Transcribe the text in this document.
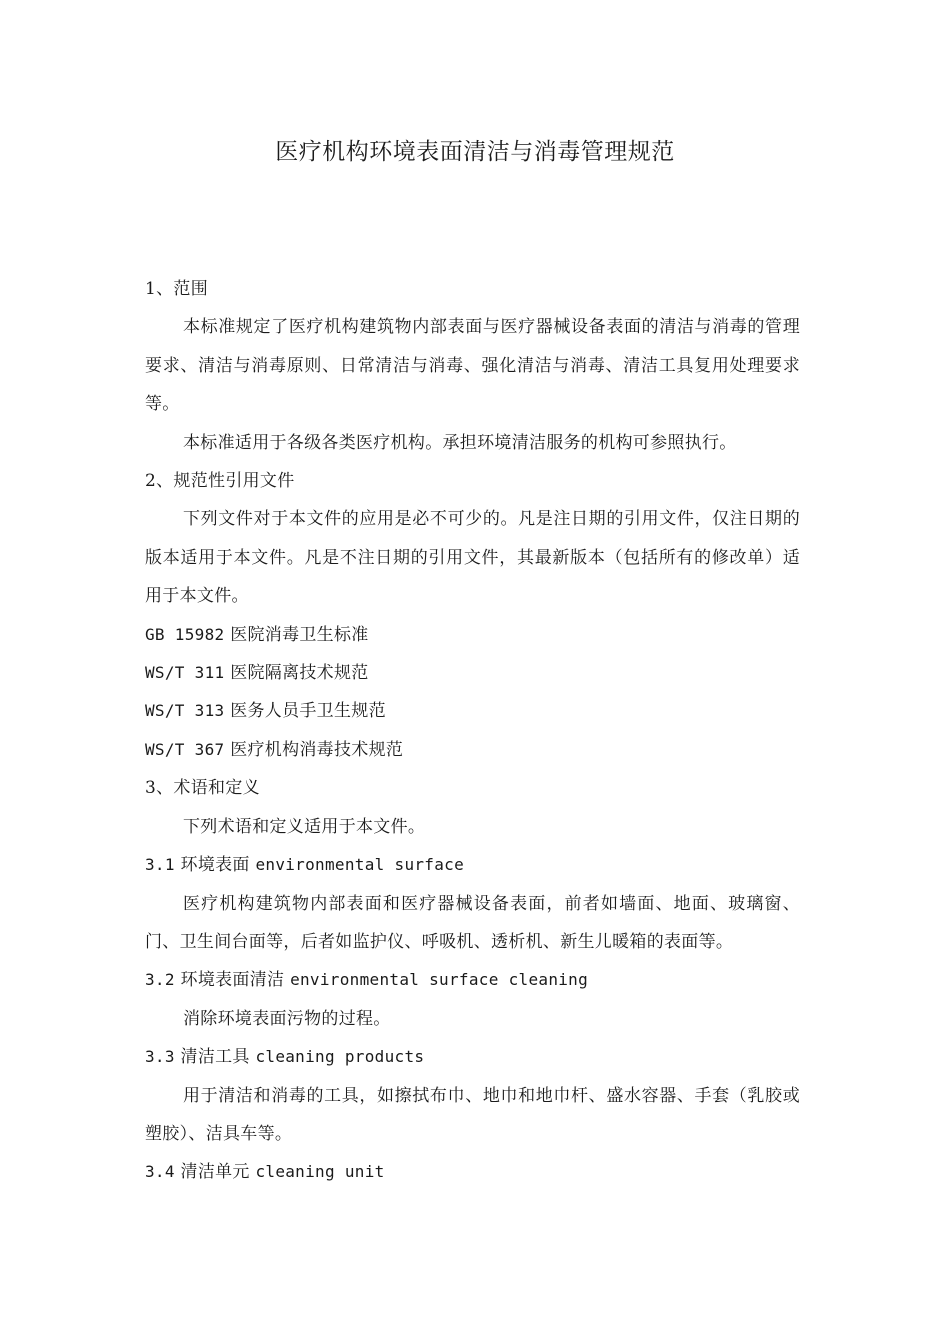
医疗机构环境表面清洁与消毒管理规范

1、范围

本标准规定了医疗机构建筑物内部表面与医疗器械设备表面的清洁与消毒的管理要求、清洁与消毒原则、日常清洁与消毒、强化清洁与消毒、清洁工具复用处理要求等。

本标准适用于各级各类医疗机构。承担环境清洁服务的机构可参照执行。

2、规范性引用文件

下列文件对于本文件的应用是必不可少的。凡是注日期的引用文件，仅注日期的版本适用于本文件。凡是不注日期的引用文件，其最新版本（包括所有的修改单）适用于本文件。

GB 15982 医院消毒卫生标准

WS/T 311 医院隔离技术规范

WS/T 313 医务人员手卫生规范

WS/T 367 医疗机构消毒技术规范

3、术语和定义

下列术语和定义适用于本文件。

3.1 环境表面 environmental surface

医疗机构建筑物内部表面和医疗器械设备表面，前者如墙面、地面、玻璃窗、门、卫生间台面等，后者如监护仪、呼吸机、透析机、新生儿暖箱的表面等。

3.2 环境表面清洁 environmental surface cleaning

消除环境表面污物的过程。

3.3 清洁工具 cleaning products

用于清洁和消毒的工具，如擦拭布巾、地巾和地巾杆、盛水容器、手套（乳胶或塑胶）、洁具车等。

3.4 清洁单元 cleaning unit
